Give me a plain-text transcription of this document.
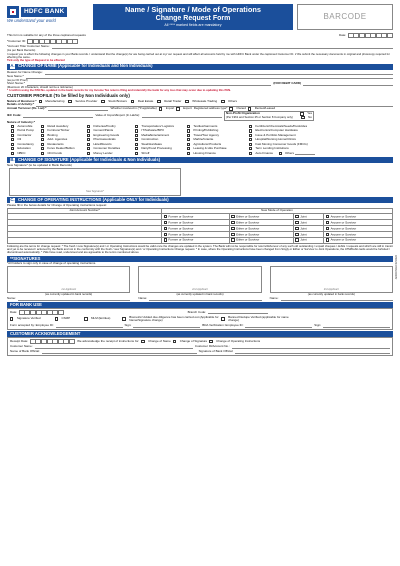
HDFC BANK
We understand your world
Name / Signature / Mode of Operations
Change Request Form
All **** marked fields are mandatory
BARCODE
This form is suitable for any of the three captioned requests	Date:
*Customer ID:
*Account Title/ Customer Name:
(As per Bank Records)
I request you to effect the following changes in your Bank records. I understand that the change(s) for are being carried out at my/ our request and will affect all accounts held by me with HDFC Bank under the captioned Customer ID. I/ We submit the necessary documents in original and photocopy required for effecting the same.
Tick only the type of Request to be effected
A. CHANGE OF NAME (Applicable for Individuals and Non Individuals)
Reason for Name Change:
New Name:*
(as per ID Proof)
Short Name:*	(FOR DEBIT CARD)
(Maximum 26 Characters, should not be a nickname)
* I confirm using the PAN No. updated in the bank records for my Income Tax returns filing and indemnify the bank for any loss that may occur due to updating this PAN.
CUSTOMER PROFILE (To be filled by Non Individuals only)
Nature of Business:*	Manufacturing	Service Provider	Stock Brokers	Real Estate	Retail Trader	Wholesale Trading	Others
Details of Activity:*
Annual Turnover (Rs. Lac):*	Whether involved in (*If applicable)	Import	Export Registered address type*	Owned	Rented/Leased
IEC Code:	Value of Import/Export (In Lakhs):	Non-Profit Organization	Yes
(Per 1961 and Section 25 or Section 8 Company only)	No
Nature of Industry:*
Automobile	Retail Jewellery	Fisheries/Poultry	Transportation/ Logistics	Textiles/Garments	Fertilizers/Chemicals/Seeds/Pesticides
Petrol Pump	Furniture/Timber	Cement/Paints	IT/Software/BPO	Printing/Publishing	Electronics/Computer Hardware
Contractor	Broking	Engineering Goods	Media/Entertainment	Travel/Tour Agency	Issue & Portfolio Management
Oil	Advt. Agencies	Pharmaceuticals	Construction	Marble/Granite	Hospital/Nursing Home/Clinics
Consultancy	Restaurants	Hotel/Resorts	Steel/Hardware	Agricultural Products	Fast Moving Consumer Goods (FMCG)
Education	Forex Dealer/Bullion	Consumer Durables	Dairy/Food Processing	Leasing & Hire Purchase	Term Lending Institutions
NBFC	Chit Funds	Money Lender	Shroff	Housing Finance	Auto Finance	Others
B. CHANGE OF SIGNATURE (Applicable for Individuals & Non Individuals)
New Signature* (to be updated in Bank Records)
New Signature*
C. CHANGE OF OPERATING INSTRUCTIONS (Applicable ONLY for Individuals)
Please fill in the below details for Change of Operating instructions request:
Joint Account Number*	New Mode of Operation			
	Former or Survivor	Either or Survivor	Joint	Anyone or Survivor
	Former or Survivor	Either or Survivor	Joint	Anyone or Survivor
	Former or Survivor	Either or Survivor	Joint	Anyone or Survivor
	Former or Survivor	Either or Survivor	Joint	Anyone or Survivor
	Former or Survivor	Either or Survivor	Joint	Anyone or Survivor
Following are the terms for change request: * The fresh / new Signature(s) and / or Operating Instructions would be valid once the changes are updated in the system. The Bank will not be responsible for return/dishonour of any such old outstanding / unpaid cheques / debits / requests and which are still in transit and yet to be received / actioned by the Bank and not in the conformity with the fresh / new Signature(s) and / or Operating Instructions Change request. * In case, where the Operating Instructions have been changed from Singly or Either or Survivor to Joint Operations, the ATM/Debit cards would be forfeited / discontinued automatically. * I/We have read, understood and are agreeable to the terms mentioned above
**SIGNATURES
*All holders to sign only in case of change of operating instructions.
1st Applicant
(as currently updated in bank records)
Name:
2nd Applicant
(as currently updated in bank records)
Name:
3rd Applicant
(as currently updated in bank records)
Name:
FOR BANK USE
Date:	Branch Code:
Signature Verified	CSMP	MLM (Entities)	Biometric/ Added due diligence has been carried out (Applicable for Name/Signature change)
Banned Dedupe Verified (applicable for name change)
Form accepted by: Employee ID:	Sign:	BDA Verification: Employee ID:	Sign:
CUSTOMER ACKNOWLEDGEMENT
Receipt Date:	We acknowledge the receipt of instructions for:	Change of Name	Change of Signature	Change of Operating Instructions
Customer Name:	Customer ID/Account No.:
Name of Bank Official:	Signature of Bank Official:
ADDR/SIG/CR/10/22
